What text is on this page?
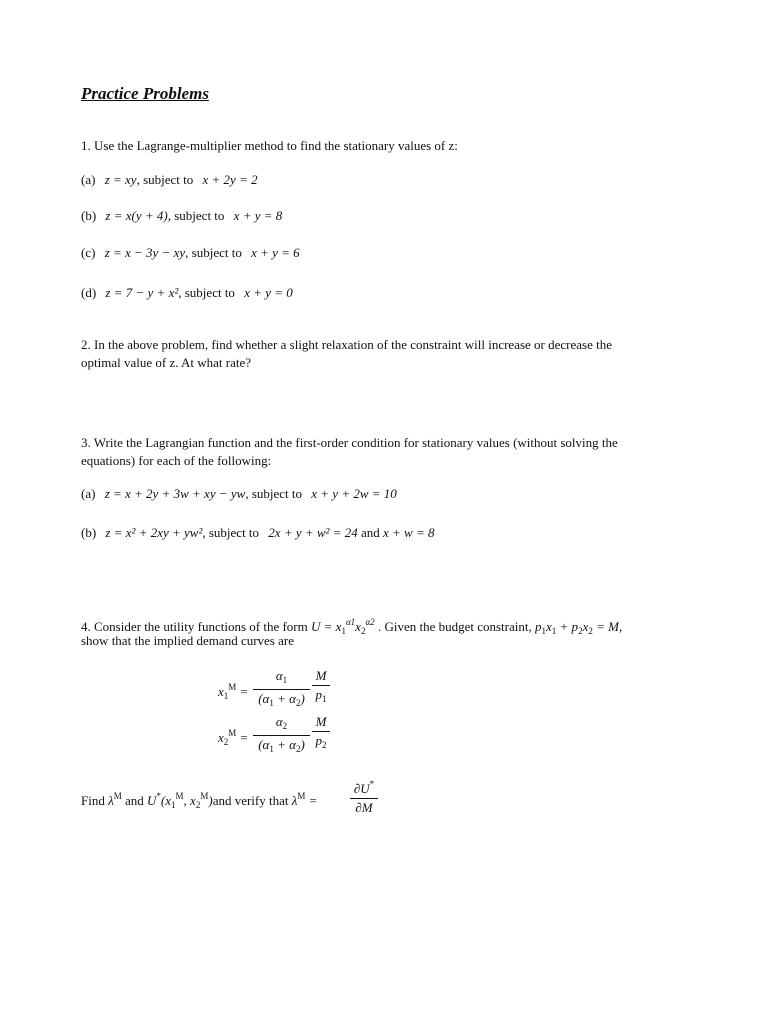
Practice Problems
1. Use the Lagrange-multiplier method to find the stationary values of z:
(a) z = xy, subject to x + 2y = 2
(b) z = x(y + 4), subject to x + y = 8
(c) z = x − 3y − xy, subject to x + y = 6
(d) z = 7 − y + x², subject to x + y = 0
2. In the above problem, find whether a slight relaxation of the constraint will increase or decrease the
optimal value of z. At what rate?
3. Write the Lagrangian function and the first-order condition for stationary values (without solving the
equations) for each of the following:
(a) z = x + 2y + 3w + xy − yw, subject to x + y + 2w = 10
(b) z = x² + 2xy + yw², subject to 2x + y + w² = 24 and x + w = 8
4. Consider the utility functions of the form $U = x_1^{\alpha 1}x_2^{\alpha 2}$ . Given the budget constraint, $p_1x_1 + p_2x_2 = M$,
show that the implied demand curves are
$x_1^M$ =
$\alpha_1$
$(\alpha_1 + \alpha_2)$
M
$p_1$
$x_2^M$ =
$\alpha_2$
$(\alpha_1 + \alpha_2)$
M
$p_2$
Find $\lambda^M$ and $U^*(x_1^M$, $x_2^M)and$ verify that $\lambda^M$ =
∂U*
∂M
